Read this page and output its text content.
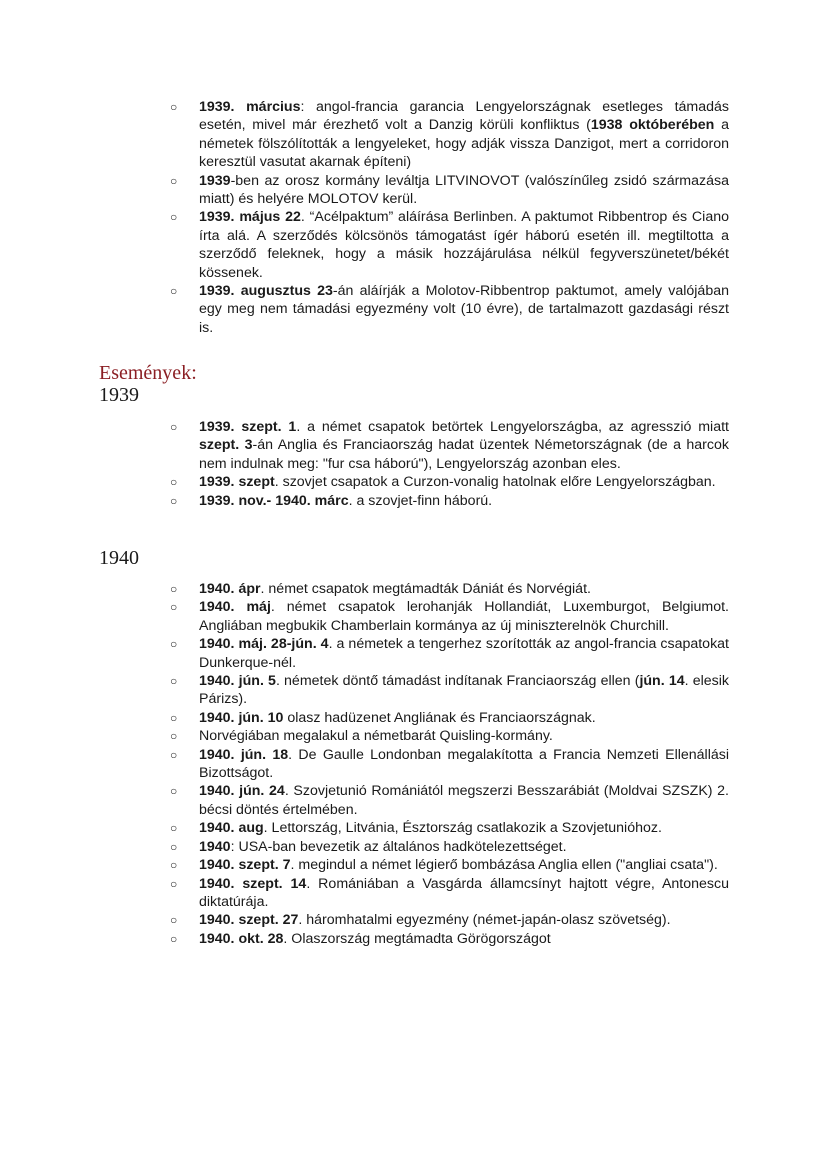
○ 1939. március: angol-francia garancia Lengyelországnak esetleges támadás esetén, mivel már érezhető volt a Danzig körüli konfliktus (1938 októberében a németek fölszólították a lengyeleket, hogy adják vissza Danzigot, mert a corridoron keresztül vasutat akarnak építeni)
○ 1939-ben az orosz kormány leváltja LITVINOVOT (valószínűleg zsidó származása miatt) és helyére MOLOTOV kerül.
○ 1939. május 22. “Acélpaktum” aláírása Berlinben. A paktumot Ribbentrop és Ciano írta alá. A szerződés kölcsönös támogatást ígér háború esetén ill. megtiltotta a szerződő feleknek, hogy a másik hozzájárulása nélkül fegyverszünetet/békét kössenek.
○ 1939. augusztus 23-án aláírják a Molotov-Ribbentrop paktumot, amely valójában egy meg nem támadási egyezmény volt (10 évre), de tartalmazott gazdasági részt is.
Események:
1939
○ 1939. szept. 1. a német csapatok betörtek Lengyelországba, az agresszió miatt szept. 3-án Anglia és Franciaország hadat üzentek Németországnak (de a harcok nem indulnak meg: "fur csa háború"), Lengyelország azonban eles.
○ 1939. szept. szovjet csapatok a Curzon-vonalig hatolnak előre Lengyelországban.
○ 1939. nov.- 1940. márc. a szovjet-finn háború.
1940
○ 1940. ápr. német csapatok megtámadták Dániát és Norvégiát.
○ 1940. máj. német csapatok lerohanják Hollandiát, Luxemburgot, Belgiumot. Angliában megbukik Chamberlain kormánya az új miniszterelnök Churchill.
○ 1940. máj. 28-jún. 4. a németek a tengerhez szorították az angol-francia csapatokat Dunkerque-nél.
○ 1940. jún. 5. németek döntő támadást indítanak Franciaország ellen (jún. 14. elesik Párizs).
○ 1940. jún. 10 olasz hadüzenet Angliának és Franciaországnak.
○ Norvégiában megalakul a németbarát Quisling-kormány.
○ 1940. jún. 18. De Gaulle Londonban megalakította a Francia Nemzeti Ellenállási Bizottságot.
○ 1940. jún. 24. Szovjetunió Romániától megszerzi Besszarábiát (Moldvai SZSZK) 2. bécsi döntés értelmében.
○ 1940. aug. Lettország, Litvánia, Észtország csatlakozik a Szovjetunióhoz.
○ 1940: USA-ban bevezetik az általános hadkötelezettséget.
○ 1940. szept. 7. megindul a német légierő bombázása Anglia ellen ("angliai csata").
○ 1940. szept. 14. Romániában a Vasgárda államcsínyt hajtott végre, Antonescu diktatúrája.
○ 1940. szept. 27. háromhatalmi egyezmény (német-japán-olasz szövetség).
○ 1940. okt. 28. Olaszország megtámadta Görögországot
